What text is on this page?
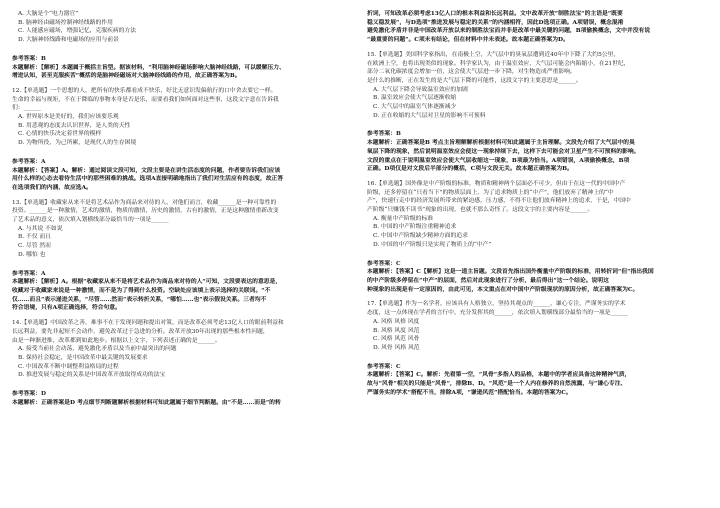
A. 大脑是个“电力器官”
B. 脑神经由磁场控制神经线路的作用
C. 人能感应磁场，增强记忆，克服疾病的方法
D. 大脑神经线路和电磁场的应用与前景
参考答案：B
本题解析：【解析】本题属于概括主旨型。据该材料，“利用脑神经磁场影响大脑神经线路，可以缓解压力、
增进认知，甚至克服疾苦”概括的是脑神经磁场对大脑神经线路的作用，故正确答案为B。
12.【单选题】一个思想的人，把所有的快乐都看成不快乐，好比无意识发偏航行的口中舍去要它一样。
生命的幸福与规矩，不在于降临的事物本身是否是乐，而要看我们如何面对这些事，这段文字意在告诉我
们：______
A. 世界原本是美好的，我们应该要乐观
B. 用悲观的态度去认识世界，是人类的天性
C. 心情的快乐决定着世界的模样
D. 为物所役，为己所累，是现代人的生存困境
参考答案：A
本题解析：【答案】A。解析：通过阅读文段可知，文段主要是在讲生活态度的问题，作者要告诉我们应该
用什么样的心态去看待生活中的那些困难的挑战。选项A直接明确地指出了我们对生活应有的态度，故正答
在选项我们的内涵，故应选A。
13.【单选题】收藏家从来不是将艺术品作为商品来对待的人，对他们而言，收藏______是一种可靠性的
投资。______是一种激情，艺术的激情，物质的激情，历史的激情，古有的激情，正是这种激情重新改变
了艺术品的意义，依次填入划横线部分最恰当的一项是______
A. 与其说 不如说
B. 不仅 而且
C. 尽管 然而
D. 哪怕 也
参考答案：A
本题解析：【解析】A。根据“收藏家从来不是将艺术品作为商品来对待的人”可知，文段要表达的意思是，
收藏对于收藏家来说是一种激情，而不是为了得到什么投资。空缺处应该填上表示选择的关联词。“不
仅……而且”表示递进关系，“尽管……然而”表示转折关系，“哪怕……也”表示假设关系。三者均不
符合语境，只有A项正确选择，符合句意。
14.【单选题】中国改革之善，难事不在于发现问题和提出对策，而是改革必须考虑13亿人口的眼前利益和
长远利益，要先非起短不会动作，避免改革过于急进的分析。改革开放30年出现的那些根本性问题，
由是一种渐进推，改革都到如此地步。根据以上文字，下列表述正确的是______。
A. 接受当前社会动荡，避免激化矛盾以及当前中最突出的问题
B. 保持社会稳定，是中国改革中最关键的发展要求
C. 中国改革不断中调整利益格局的过程
D. 推进发展与稳定的关系是中国改革开放取得成功的法宝
参考答案：D
本题解析：正确答案是D 考点细节判断题解析根据材料可知此题属于细节判断题。由“不是……而是”的转
折词，可知改革必须考虑13亿人口的根本利益和长远利益。文中改革开放“制胜法宝”的主语是“既要
稳又稳发展”，与D选项“推进发展与稳定的关系”的内涵相符，因此D选项正确。A项错误，概念混淆
避免激化矛盾并非是中国改革开放以来的制胜法宝而并非是改革中最关键的问题，B项偷换概念，文中并没有说
“最重要的问题”。C项未有结论，但在材料中并未表述。故本题正确答案为D。
15.【单选题】美国科学家指出，在南极上空，大气层中的臭氧层遭到近40年中下降了大约5公里，
在欧洲上空，也将出现类似的现象。科学家认为，由于温室效应，大气层可能会内陷缩小，在21世纪，
部分二氧化碳浓度会增加一倍，这会使大气层进一步下降，对生物造成严重影响。
是什么的推断，正在发生的是大气层下降的可能性，这段文字的主要意思是______。
A. 大气层下降会导致温室效应的加剧
B. 温室效应会使大气层逐渐收缩
C. 大气层中的温室气体逐渐减少
D. 正在收缩的大气层对卫星的影响不可预料
参考答案：B
本题解析：正确答案是B 考点主旨理解解析根据材料可知此题属于主旨理解。文段先介绍了大气层中的臭
氧层下降的现象，然后说明温室效应会使这一现象持续下去，这样下去可能会对卫星产生不可预料的影响。
文段的重点在于说明温室效应会使大气层收缩这一现象，B项最为恰当。A项错误，A项偷换概念，B项
正确。D项仅是对文段后半部分的概括，C项与文段无关。故本题正确答案为B。
16.【单选题】国外像是中产阶级的标准，物质和精神两个层面必不可少，但由于在这一代的中国中产
阶级，还多停留在“只看当下”的物质层面上，为了追求物质上的“中产”，他们放弃了精神上的“中
产”，快速行走中的经济发展所带来的紧迫感，压力感，不得不让他们放弃精神上的追求，于是，中国中
产阶级“只赚钱不读书”现象的出现，也就不那么奇怪了。这段文字的主要内容是______。
A. 衡量中产阶级的标准
B. 中国的中产阶级注重精神追求
C. 中国中产阶级缺少精神方面的追求
D. 中国的中产阶级只是实现了物质上的“中产”
参考答案：C
本题解析：【答案】C【解析】这是一道主旨题。文段首先指出国外衡量中产阶级的标准，用转折词“但”指出我国
的中产阶级多停留在“中产”的层面，然后对此现象进行了分析，最后得出“这一个结论。说明这
种现象的出现是有一定原因的，由此可见，本文重点在对中国中产阶级现状的原因分析，故正确答案为C。
17.【单选题】作为一名学者，应该具有人格独立，坚持其观点的______，谦心专注，严谨务实的学术
态度，这一点体现在学者的言行中，充分发挥其的______，依次填入划横线部分最恰当的一项是______
A. 风格 风格 风度
B. 风格 风度 风范
C. 风格 风范 风骨
D. 风骨 风格 风范
参考答案：C
本题解析：【答案】C。解析：先看第一空，“风骨”多指人的品格，本题中的学者应具备这种精神气质，
故与“风骨”相关的只能是“风骨”，排除B、D。“风范”是一个人内在修养的自然流露，与“谦心专注、
严谨务实的学术”搭配不当，排除A项，“谦逊风范”搭配恰当。本题的答案为C。
